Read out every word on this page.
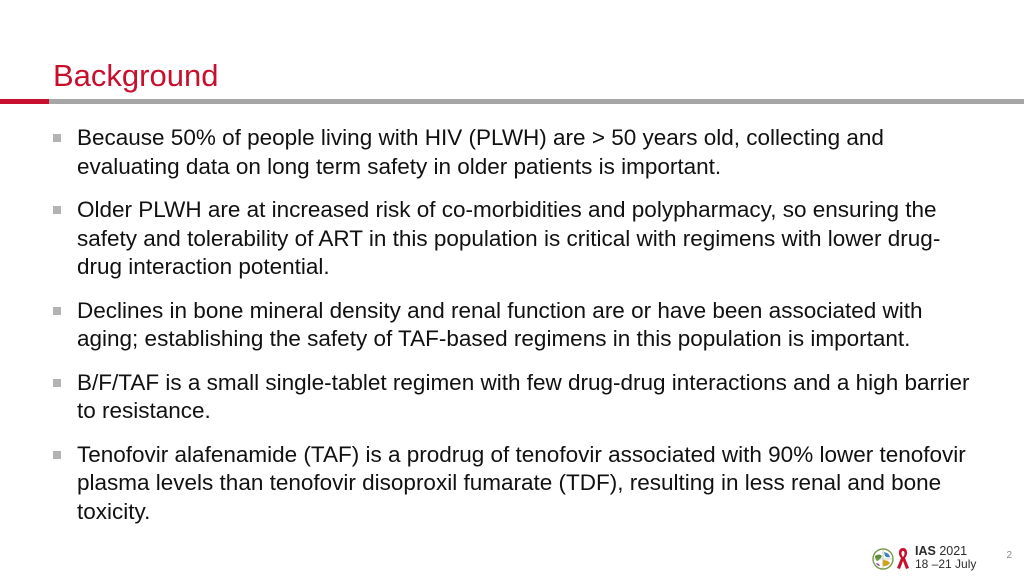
Background
Because 50% of people living with HIV (PLWH) are > 50 years old, collecting and evaluating data on long term safety in older patients is important.
Older PLWH are at increased risk of co-morbidities and polypharmacy, so ensuring the safety and tolerability of ART in this population is critical with regimens with lower drug-drug interaction potential.
Declines in bone mineral density and renal function are or have been associated with aging; establishing the safety of TAF-based regimens in this population is important.
B/F/TAF is a small single-tablet regimen with few drug-drug interactions and a high barrier to resistance.
Tenofovir alafenamide (TAF) is a prodrug of tenofovir associated with 90% lower tenofovir plasma levels than tenofovir disoproxil fumarate (TDF), resulting in less renal and bone toxicity.
IAS 2021
18 –21 July
2
